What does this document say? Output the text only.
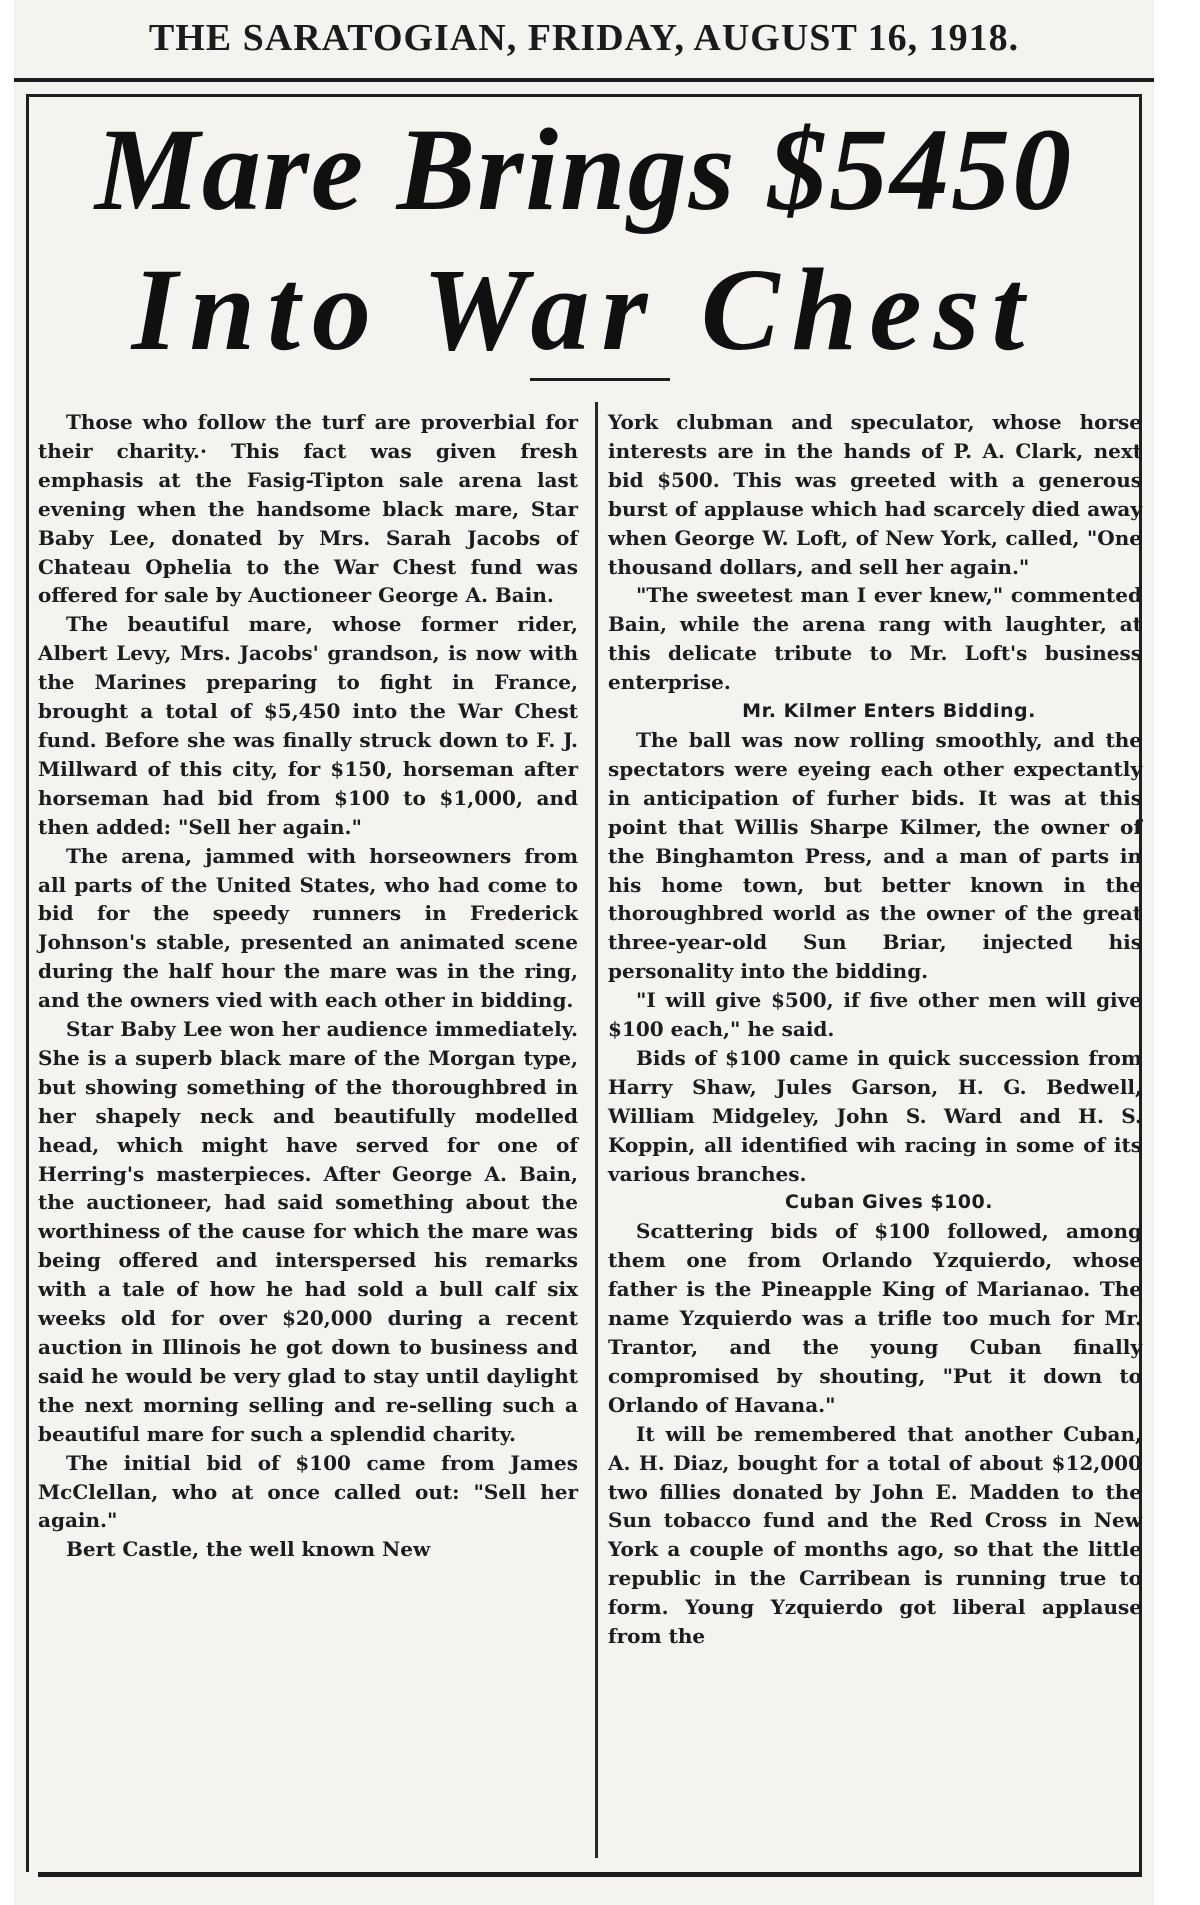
THE SARATOGIAN, FRIDAY, AUGUST 16, 1918.
Mare Brings $5450
Into War Chest

Those who follow the turf are proverbial for their charity.· This fact was given fresh emphasis at the Fasig-Tipton sale arena last evening when the handsome black mare, Star Baby Lee, donated by Mrs. Sarah Jacobs of Chateau Ophelia to the War Chest fund was offered for sale by Auctioneer George A. Bain.

The beautiful mare, whose former rider, Albert Levy, Mrs. Jacobs' grandson, is now with the Marines preparing to fight in France, brought a total of $5,450 into the War Chest fund. Before she was finally struck down to F. J. Millward of this city, for $150, horseman after horseman had bid from $100 to $1,000, and then added: "Sell her again."

The arena, jammed with horseowners from all parts of the United States, who had come to bid for the speedy runners in Frederick Johnson's stable, presented an animated scene during the half hour the mare was in the ring, and the owners vied with each other in bidding.

Star Baby Lee won her audience immediately. She is a superb black mare of the Morgan type, but showing something of the thoroughbred in her shapely neck and beautifully modelled head, which might have served for one of Herring's masterpieces. After George A. Bain, the auctioneer, had said something about the worthiness of the cause for which the mare was being offered and interspersed his remarks with a tale of how he had sold a bull calf six weeks old for over $20,000 during a recent auction in Illinois he got down to business and said he would be very glad to stay until daylight the next morning selling and re-selling such a beautiful mare for such a splendid charity.

The initial bid of $100 came from James McClellan, who at once called out: "Sell her again."

Bert Castle, the well known New

York clubman and speculator, whose horse interests are in the hands of P. A. Clark, next bid $500. This was greeted with a generous burst of applause which had scarcely died away when George W. Loft, of New York, called, "One thousand dollars, and sell her again."

"The sweetest man I ever knew," commented Bain, while the arena rang with laughter, at this delicate tribute to Mr. Loft's business enterprise.

Mr. Kilmer Enters Bidding.

The ball was now rolling smoothly, and the spectators were eyeing each other expectantly in anticipation of furher bids. It was at this point that Willis Sharpe Kilmer, the owner of the Binghamton Press, and a man of parts in his home town, but better known in the thoroughbred world as the owner of the great three-year-old Sun Briar, injected his personality into the bidding.

"I will give $500, if five other men will give $100 each," he said.

Bids of $100 came in quick succession from Harry Shaw, Jules Garson, H. G. Bedwell, William Midgeley, John S. Ward and H. S. Koppin, all identified wih racing in some of its various branches.

Cuban Gives $100.

Scattering bids of $100 followed, among them one from Orlando Yzquierdo, whose father is the Pineapple King of Marianao. The name Yzquierdo was a trifle too much for Mr. Trantor, and the young Cuban finally compromised by shouting, "Put it down to Orlando of Havana."

It will be remembered that another Cuban, A. H. Diaz, bought for a total of about $12,000 two fillies donated by John E. Madden to the Sun tobacco fund and the Red Cross in New York a couple of months ago, so that the little republic in the Carribean is running true to form. Young Yzquierdo got liberal applause from the
